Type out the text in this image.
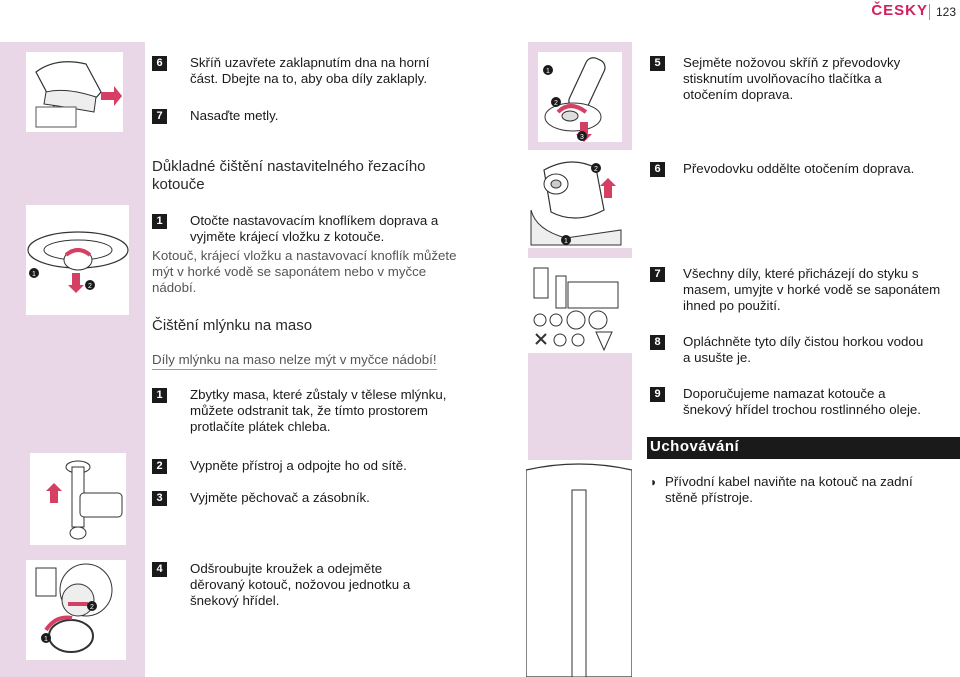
ČESKY 123
1
2
3
2
1
1
2
1
2
6	Skříň uzavřete zaklapnutím dna na horní
část. Dbejte na to, aby oba díly zaklaply.
7	Nasaďte metly.
Důkladné čištění nastavitelného řezacího
kotouče
1	Otočte nastavovacím knoflíkem doprava a
vyjměte krájecí vložku z kotouče.
Kotouč, krájecí vložku a nastavovací knoflík můžete
mýt v horké vodě se saponátem nebo v myčce
nádobí.
Čištění mlýnku na maso
Díly mlýnku na maso nelze mýt v myčce nádobí!
1	Zbytky masa, které zůstaly v tělese mlýnku,
můžete odstranit tak, že tímto prostorem
protlačíte plátek chleba.
2	Vypněte přístroj a odpojte ho od sítě.
3	Vyjměte pěchovač a zásobník.
4	Odšroubujte kroužek a odejměte
děrovaný kotouč, nožovou jednotku a
šnekový hřídel.
5	Sejměte nožovou skříň z převodovky
stisknutím uvolňovacího tlačítka a
otočením doprava.
6	Převodovku oddělte otočením doprava.
7	Všechny díly, které přicházejí do styku s
masem, umyjte v horké vodě se saponátem
ihned po použití.
8	Opláchněte tyto díly čistou horkou vodou
a usušte je.
9	Doporučujeme namazat kotouče a
šnekový hřídel trochou rostlinného oleje.
Uchovávání
◗ Přívodní kabel naviňte na kotouč na zadní
stěně přístroje.
